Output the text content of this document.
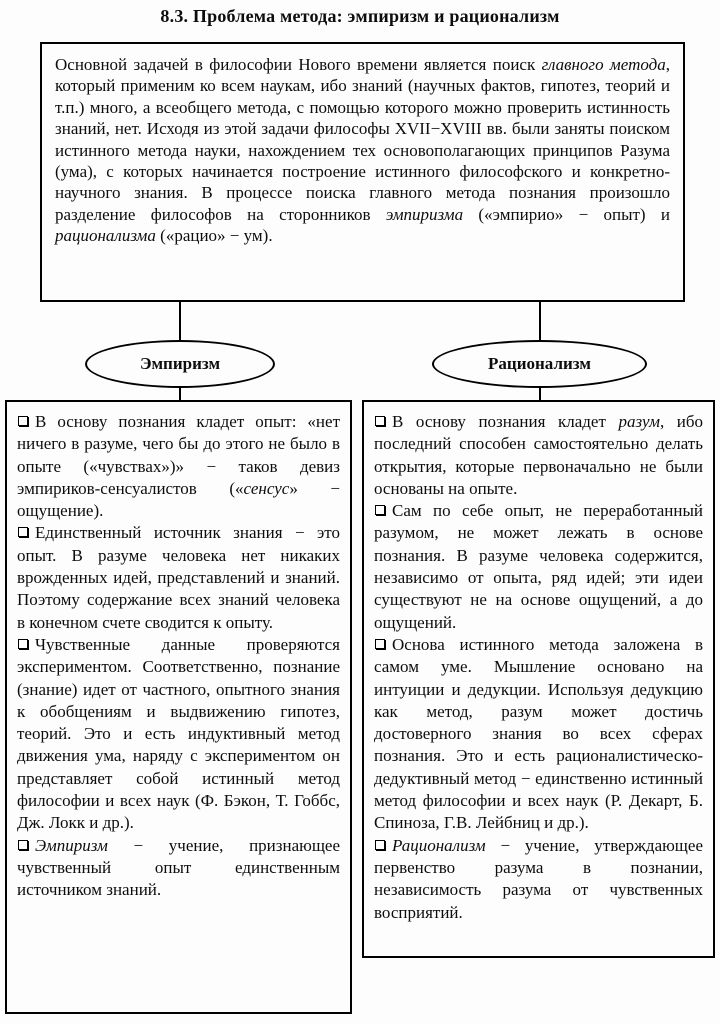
8.3. Проблема метода: эмпиризм и рационализм
Основной задачей в философии Нового времени является поиск главного метода, который применим ко всем наукам, ибо знаний (научных фактов, гипотез, теорий и т.п.) много, а всеобщего метода, с помощью которого можно проверить истинность знаний, нет. Исходя из этой задачи философы XVII−XVIII вв. были заняты поиском истинного метода науки, нахождением тех основополагающих принципов Разума (ума), с которых начинается построение истинного философского и конкретно-научного знания. В процессе поиска главного метода познания произошло разделение философов на сторонников эмпиризма («эмпирио» − опыт) и рационализма («рацио» − ум).
Эмпиризм	Рационализм
В основу познания кладет опыт: «нет ничего в разуме, чего бы до этого не было в опыте («чувствах»)» − таков девиз эмпириков-сенсуалистов («сенсус» − ощущение).
Единственный источник знания − это опыт. В разуме человека нет никаких врожденных идей, представлений и знаний. Поэтому содержание всех знаний человека в конечном счете сводится к опыту.
Чувственные данные проверяются экспериментом. Соответственно, познание (знание) идет от частного, опытного знания к обобщениям и выдвижению гипотез, теорий. Это и есть индуктивный метод движения ума, наряду с экспериментом он представляет собой истинный метод философии и всех наук (Ф. Бэкон, Т. Гоббс, Дж. Локк и др.).
Эмпиризм − учение, признающее чувственный опыт единственным источником знаний.
В основу познания кладет разум, ибо последний способен самостоятельно делать открытия, которые первоначально не были основаны на опыте.
Сам по себе опыт, не переработанный разумом, не может лежать в основе познания. В разуме человека содержится, независимо от опыта, ряд идей; эти идеи существуют не на основе ощущений, а до ощущений.
Основа истинного метода заложена в самом уме. Мышление основано на интуиции и дедукции. Используя дедукцию как метод, разум может достичь достоверного знания во всех сферах познания. Это и есть рационалистическо-дедуктивный метод − единственно истинный метод философии и всех наук (Р. Декарт, Б. Спиноза, Г.В. Лейбниц и др.).
Рационализм − учение, утверждающее первенство разума в познании, независимость разума от чувственных восприятий.
